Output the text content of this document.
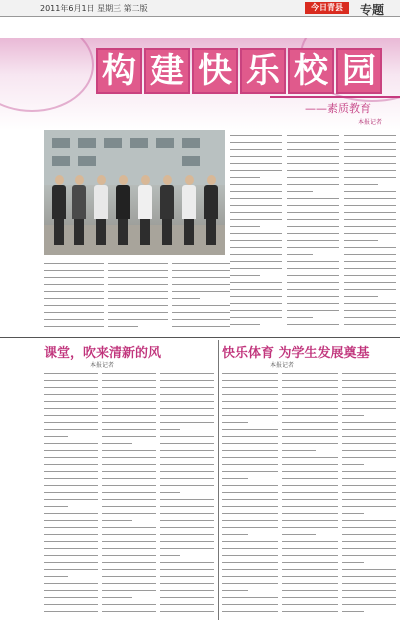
2011年6月1日 星期三 第二版	今日青县	专题
构 建 快 乐 校 园
——素质教育
本报记者
课堂，吹来清新的风
本报记者
快乐体育 为学生发展奠基
本报记者
